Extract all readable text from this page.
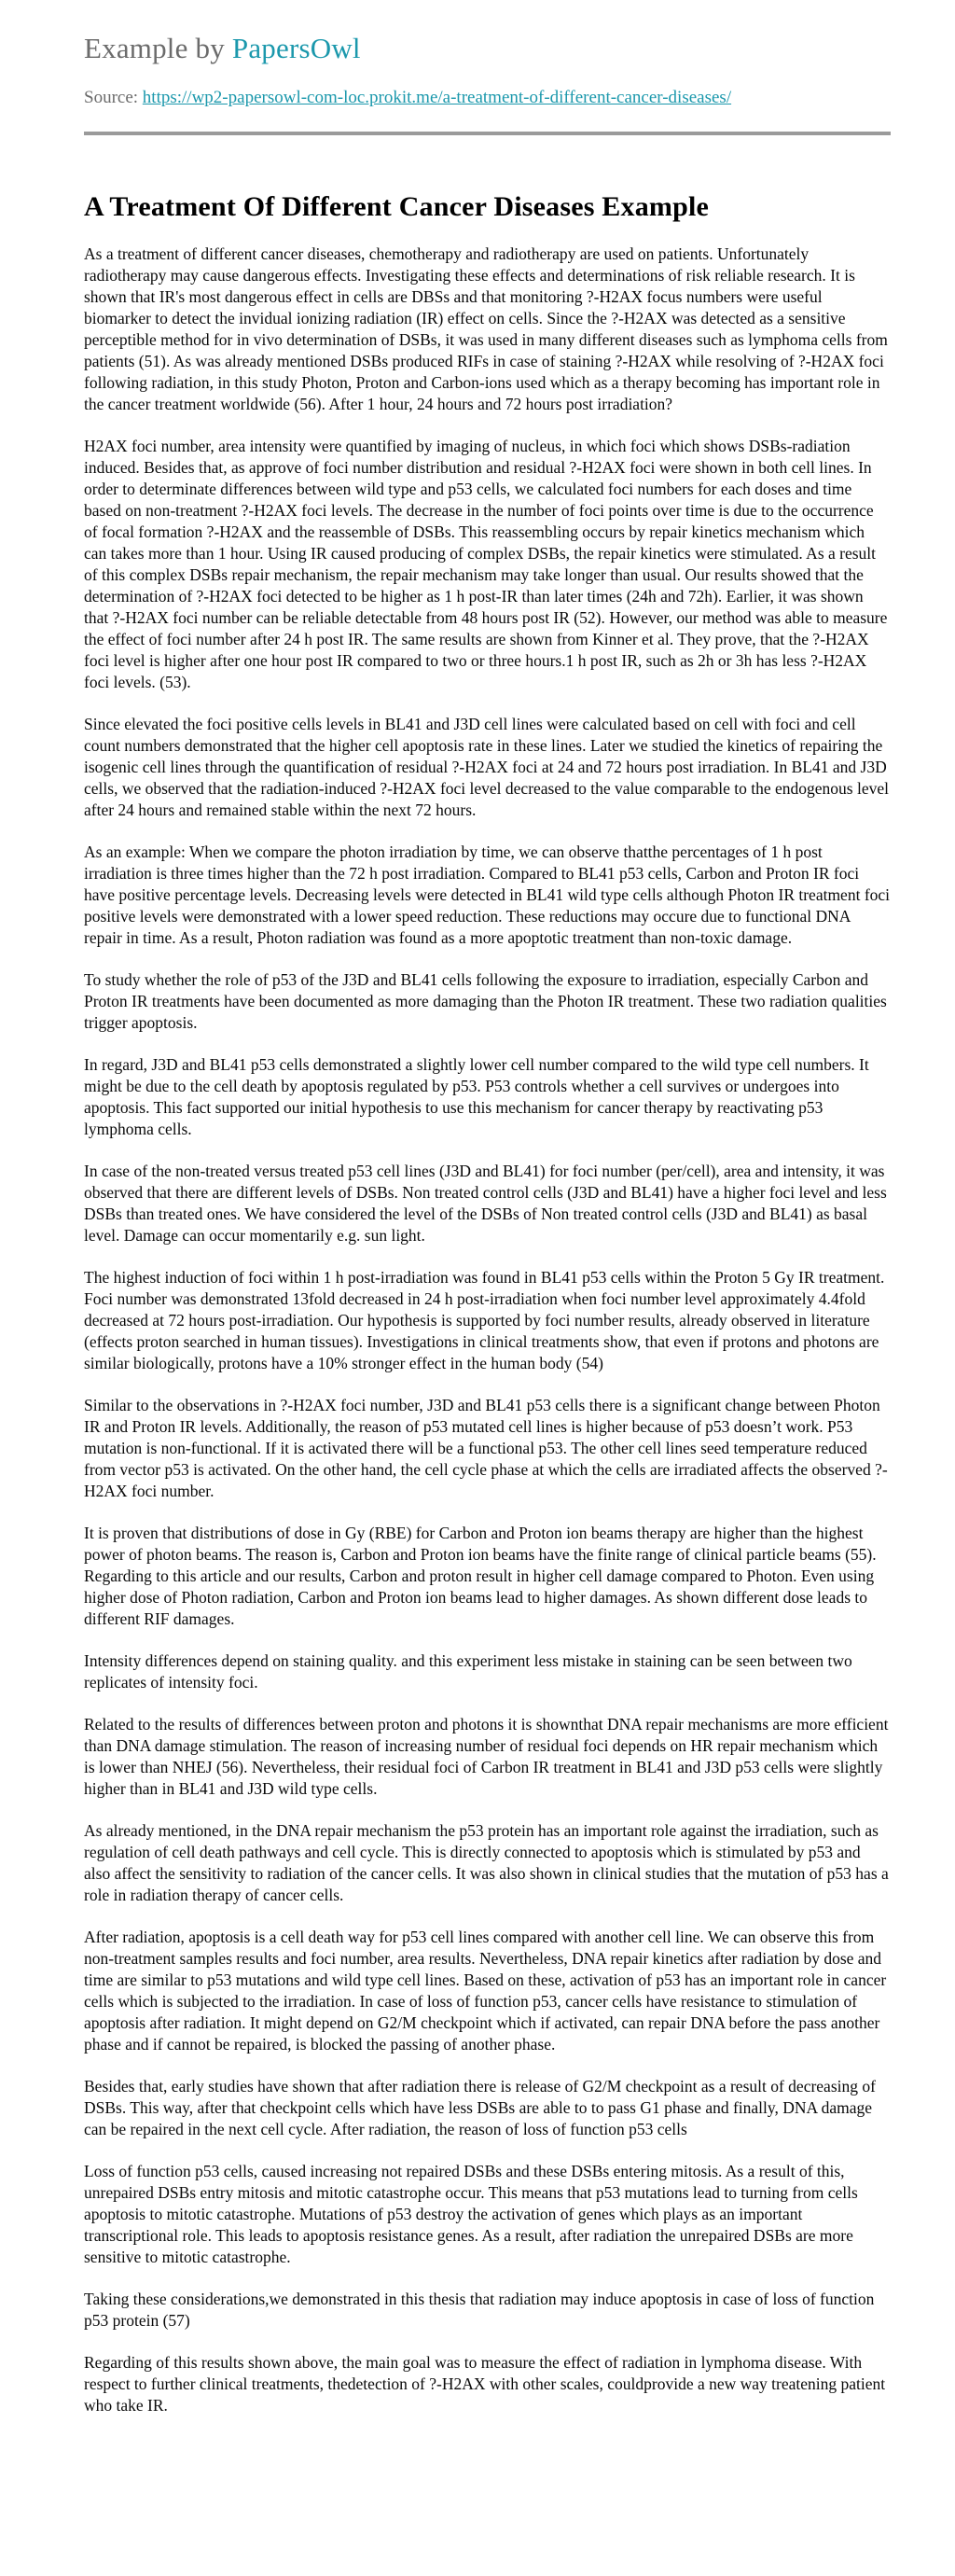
Example by PapersOwl
Source: https://wp2-papersowl-com-loc.prokit.me/a-treatment-of-different-cancer-diseases/
A Treatment Of Different Cancer Diseases Example

As a treatment of different cancer diseases, chemotherapy and radiotherapy are used on patients. Unfortunately radiotherapy may cause dangerous effects. Investigating these effects and determinations of risk reliable research. It is shown that IR's most dangerous effect in cells are DBSs and that monitoring ?-H2AX focus numbers were useful biomarker to detect the invidual ionizing radiation (IR) effect on cells. Since the ?-H2AX was detected as a sensitive perceptible method for in vivo determination of DSBs, it was used in many different diseases such as lymphoma cells from patients (51). As was already mentioned DSBs produced RIFs in case of staining ?-H2AX while resolving of ?-H2AX foci following radiation, in this study Photon, Proton and Carbon-ions used which as a therapy becoming has important role in the cancer treatment worldwide (56). After 1 hour, 24 hours and 72 hours post irradiation?

H2AX foci number, area intensity were quantified by imaging of nucleus, in which foci which shows DSBs-radiation induced. Besides that, as approve of foci number distribution and residual ?-H2AX foci were shown in both cell lines. In order to determinate differences between wild type and p53 cells, we calculated foci numbers for each doses and time based on non-treatment ?-H2AX foci levels. The decrease in the number of foci points over time is due to the occurrence of focal formation ?-H2AX and the reassemble of DSBs. This reassembling occurs by repair kinetics mechanism which can takes more than 1 hour. Using IR caused producing of complex DSBs, the repair kinetics were stimulated. As a result of this complex DSBs repair mechanism, the repair mechanism may take longer than usual. Our results showed that the determination of ?-H2AX foci detected to be higher as 1 h post-IR than later times (24h and 72h). Earlier, it was shown that ?-H2AX foci number can be reliable detectable from 48 hours post IR (52). However, our method was able to measure the effect of foci number after 24 h post IR. The same results are shown from Kinner et al. They prove, that the ?-H2AX foci level is higher after one hour post IR compared to two or three hours.1 h post IR, such as 2h or 3h has less ?-H2AX foci levels. (53).

Since elevated the foci positive cells levels in BL41 and J3D cell lines were calculated based on cell with foci and cell count numbers demonstrated that the higher cell apoptosis rate in these lines. Later we studied the kinetics of repairing the isogenic cell lines through the quantification of residual ?-H2AX foci at 24 and 72 hours post irradiation. In BL41 and J3D cells, we observed that the radiation-induced ?-H2AX foci level decreased to the value comparable to the endogenous level after 24 hours and remained stable within the next 72 hours.

As an example: When we compare the photon irradiation by time, we can observe thatthe percentages of 1 h post irradiation is three times higher than the 72 h post irradiation. Compared to BL41 p53 cells, Carbon and Proton IR foci have positive percentage levels. Decreasing levels were detected in BL41 wild type cells although Photon IR treatment foci positive levels were demonstrated with a lower speed reduction. These reductions may occure due to functional DNA repair in time. As a result, Photon radiation was found as a more apoptotic treatment than non-toxic damage.

To study whether the role of p53 of the J3D and BL41 cells following the exposure to irradiation, especially Carbon and Proton IR treatments have been documented as more damaging than the Photon IR treatment. These two radiation qualities trigger apoptosis.

In regard, J3D and BL41 p53 cells demonstrated a slightly lower cell number compared to the wild type cell numbers. It might be due to the cell death by apoptosis regulated by p53. P53 controls whether a cell survives or undergoes into apoptosis. This fact supported our initial hypothesis to use this mechanism for cancer therapy by reactivating p53 lymphoma cells.

In case of the non-treated versus treated p53 cell lines (J3D and BL41) for foci number (per/cell), area and intensity, it was observed that there are different levels of DSBs. Non treated control cells (J3D and BL41) have a higher foci level and less DSBs than treated ones. We have considered the level of the DSBs of Non treated control cells (J3D and BL41) as basal level. Damage can occur momentarily e.g. sun light.

The highest induction of foci within 1 h post-irradiation was found in BL41 p53 cells within the Proton 5 Gy IR treatment. Foci number was demonstrated 13fold decreased in 24 h post-irradiation when foci number level approximately 4.4fold decreased at 72 hours post-irradiation. Our hypothesis is supported by foci number results, already observed in literature (effects proton searched in human tissues). Investigations in clinical treatments show, that even if protons and photons are similar biologically, protons have a 10% stronger effect in the human body (54)

Similar to the observations in ?-H2AX foci number, J3D and BL41 p53 cells there is a significant change between Photon IR and Proton IR levels. Additionally, the reason of p53 mutated cell lines is higher because of p53 doesn’t work. P53 mutation is non-functional. If it is activated there will be a functional p53. The other cell lines seed temperature reduced from vector p53 is activated. On the other hand, the cell cycle phase at which the cells are irradiated affects the observed ?-H2AX foci number.

It is proven that distributions of dose in Gy (RBE) for Carbon and Proton ion beams therapy are higher than the highest power of photon beams. The reason is, Carbon and Proton ion beams have the finite range of clinical particle beams (55). Regarding to this article and our results, Carbon and proton result in higher cell damage compared to Photon. Even using higher dose of Photon radiation, Carbon and Proton ion beams lead to higher damages. As shown different dose leads to different RIF damages.

Intensity differences depend on staining quality. and this experiment less mistake in staining can be seen between two replicates of intensity foci.

Related to the results of differences between proton and photons it is shownthat DNA repair mechanisms are more efficient than DNA damage stimulation. The reason of increasing number of residual foci depends on HR repair mechanism which is lower than NHEJ (56). Nevertheless, their residual foci of Carbon IR treatment in BL41 and J3D p53 cells were slightly higher than in BL41 and J3D wild type cells.

As already mentioned, in the DNA repair mechanism the p53 protein has an important role against the irradiation, such as regulation of cell death pathways and cell cycle. This is directly connected to apoptosis which is stimulated by p53 and also affect the sensitivity to radiation of the cancer cells. It was also shown in clinical studies that the mutation of p53 has a role in radiation therapy of cancer cells.

After radiation, apoptosis is a cell death way for p53 cell lines compared with another cell line. We can observe this from non-treatment samples results and foci number, area results. Nevertheless, DNA repair kinetics after radiation by dose and time are similar to p53 mutations and wild type cell lines. Based on these, activation of p53 has an important role in cancer cells which is subjected to the irradiation. In case of loss of function p53, cancer cells have resistance to stimulation of apoptosis after radiation. It might depend on G2/M checkpoint which if activated, can repair DNA before the pass another phase and if cannot be repaired, is blocked the passing of another phase.

Besides that, early studies have shown that after radiation there is release of G2/M checkpoint as a result of decreasing of DSBs. This way, after that checkpoint cells which have less DSBs are able to to pass G1 phase and finally, DNA damage can be repaired in the next cell cycle. After radiation, the reason of loss of function p53 cells

Loss of function p53 cells, caused increasing not repaired DSBs and these DSBs entering mitosis. As a result of this, unrepaired DSBs entry mitosis and mitotic catastrophe occur. This means that p53 mutations lead to turning from cells apoptosis to mitotic catastrophe. Mutations of p53 destroy the activation of genes which plays as an important transcriptional role. This leads to apoptosis resistance genes. As a result, after radiation the unrepaired DSBs are more sensitive to mitotic catastrophe.

Taking these considerations,we demonstrated in this thesis that radiation may induce apoptosis in case of loss of function p53 protein (57)

Regarding of this results shown above, the main goal was to measure the effect of radiation in lymphoma disease. With respect to further clinical treatments, thedetection of ?-H2AX with other scales, couldprovide a new way treatening patient who take IR.
